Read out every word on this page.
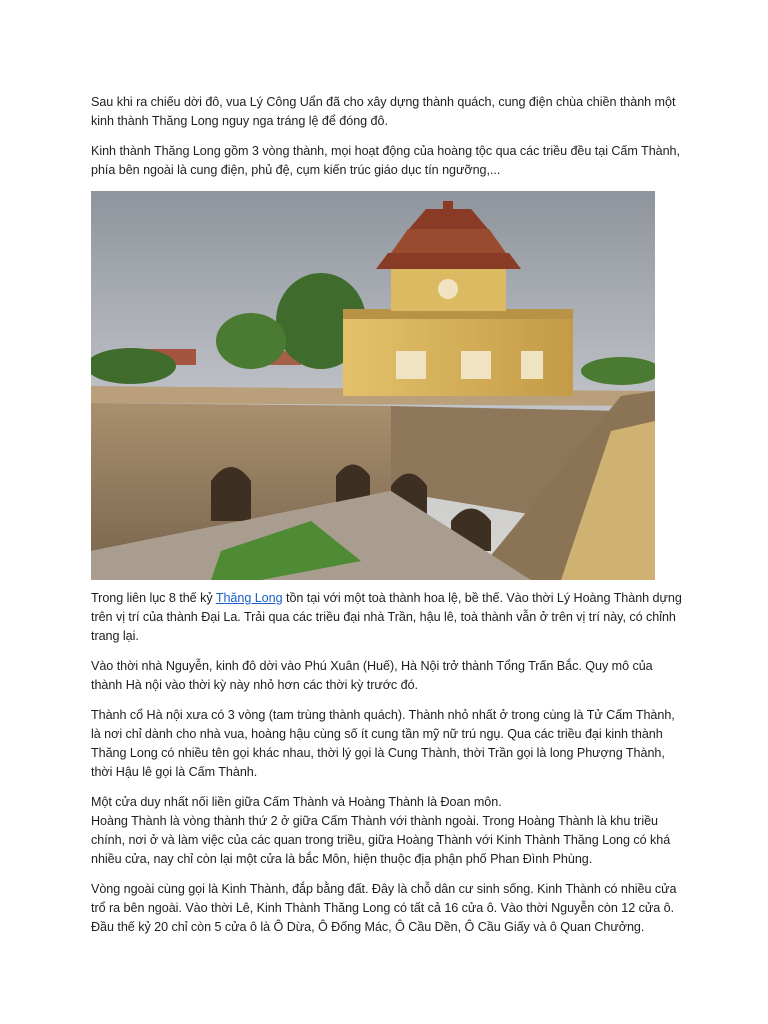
Sau khi ra chiếu dời đô, vua Lý Công Uẩn đã cho xây dựng thành quách, cung điện chùa chiền thành một kinh thành Thăng Long nguy nga tráng lệ để đóng đô.

Kinh thành Thăng Long gồm 3 vòng thành, mọi hoạt động của hoàng tộc qua các triều đều tại Cấm Thành, phía bên ngoài là cung điện, phủ đệ, cụm kiến trúc giáo dục tín ngưỡng,...

Trong liên lục 8 thế kỷ Thăng Long tồn tại với một toà thành hoa lệ, bề thế. Vào thời Lý Hoàng Thành dựng trên vị trí của thành Đại La. Trải qua các triều đại nhà Trần, hậu lê, toà thành vẫn ở trên vị trí này, có chỉnh trang lại.

Vào thời nhà Nguyễn, kinh đô dời vào Phú Xuân (Huế), Hà Nội trở thành Tổng Trấn Bắc. Quy mô của thành Hà nội vào thời kỳ này nhỏ hơn các thời kỳ trước đó.

Thành cổ Hà nội xưa có 3 vòng (tam trùng thành quách). Thành nhỏ nhất ở trong cùng là Tử Cấm Thành, là nơi chỉ dành cho nhà vua, hoàng hậu cùng số ít cung tần mỹ nữ trú ngụ. Qua các triều đại kinh thành Thăng Long có nhiều tên gọi khác nhau, thời lý gọi là Cung Thành, thời Trần gọi là long Phượng Thành, thời Hậu lê gọi là Cấm Thành.

Một cửa duy nhất nối liền giữa Cấm Thành và Hoàng Thành là Đoan môn.

Hoàng Thành là vòng thành thứ 2 ở giữa Cấm Thành với thành ngoài. Trong Hoàng Thành là khu triều chính, nơi ở và làm việc của các quan trong triều, giữa Hoàng Thành với Kinh Thành Thăng Long có khá nhiều cửa, nay chỉ còn lại một cửa là bắc Môn, hiện thuộc địa phận phố Phan Đình Phùng.

Vòng ngoài cùng gọi là Kinh Thành, đắp bằng đất. Đây là chỗ dân cư sinh sống. Kinh Thành có nhiều cửa trổ ra bên ngoài. Vào thời Lê, Kinh Thành Thăng Long có tất cả 16 cửa ô. Vào thời Nguyễn còn 12 cửa ô. Đầu thế kỷ 20 chỉ còn 5 cửa ô là Ô Dừa, Ô Đống Mác, Ô Cầu Dền, Ô Cầu Giấy và ô Quan Chưởng.
